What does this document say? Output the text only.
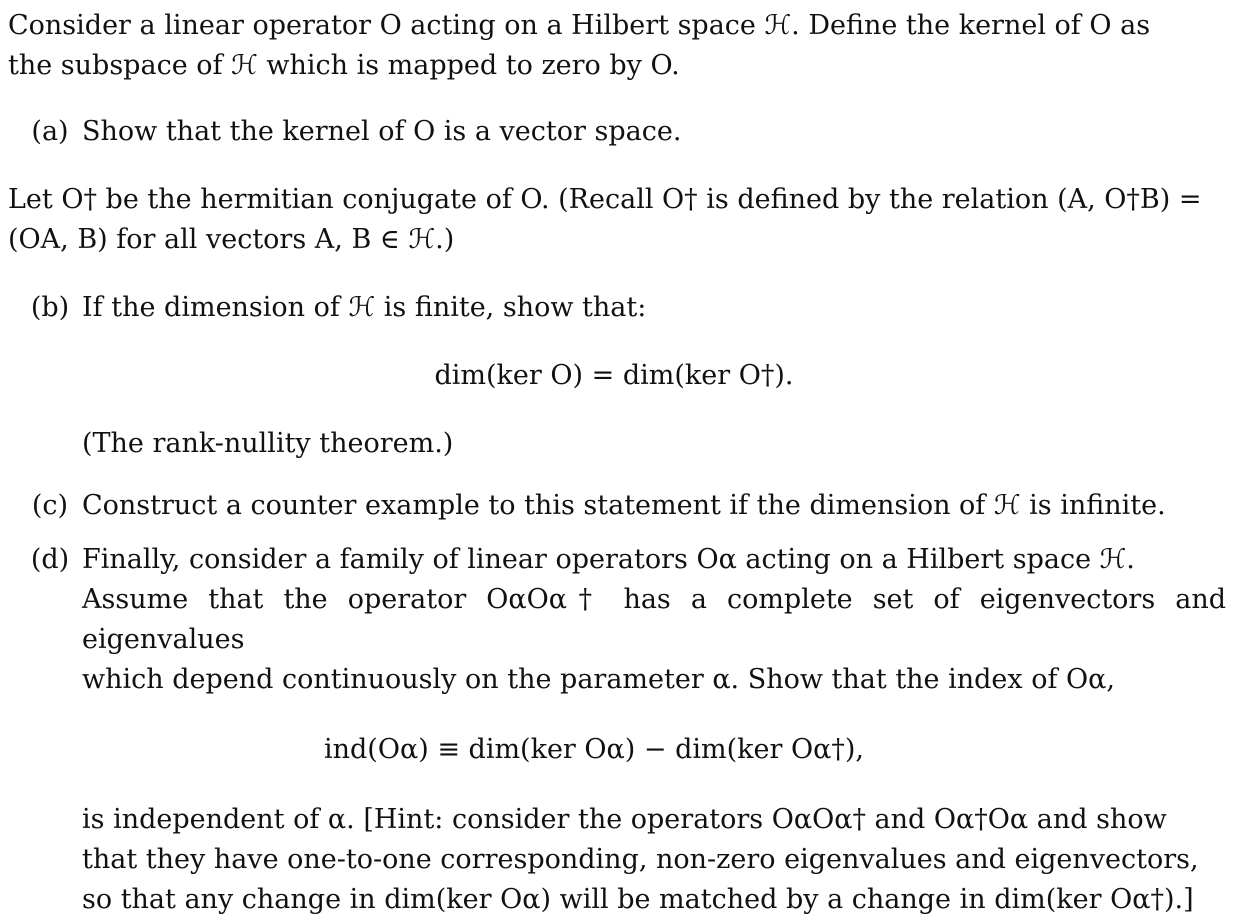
Consider a linear operator O acting on a Hilbert space ℋ. Define the kernel of O as
the subspace of ℋ which is mapped to zero by O.

(a) Show that the kernel of O is a vector space.

Let O† be the hermitian conjugate of O. (Recall O† is defined by the relation (A, O†B) =
(OA, B) for all vectors A, B ∈ ℋ.)

(b) If the dimension of ℋ is finite, show that:
dim(ker O) = dim(ker O†).
(The rank-nullity theorem.)
(c) Construct a counter example to this statement if the dimension of ℋ is infinite.
(d) Finally, consider a family of linear operators Oα acting on a Hilbert space ℋ.
Assume that the operator OαOα† has a complete set of eigenvectors and eigenvalues
which depend continuously on the parameter α. Show that the index of Oα,
ind(Oα) ≡ dim(ker Oα) − dim(ker Oα†),
is independent of α. [Hint: consider the operators OαOα† and Oα†Oα and show
that they have one-to-one corresponding, non-zero eigenvalues and eigenvectors,
so that any change in dim(ker Oα) will be matched by a change in dim(ker Oα†).]
